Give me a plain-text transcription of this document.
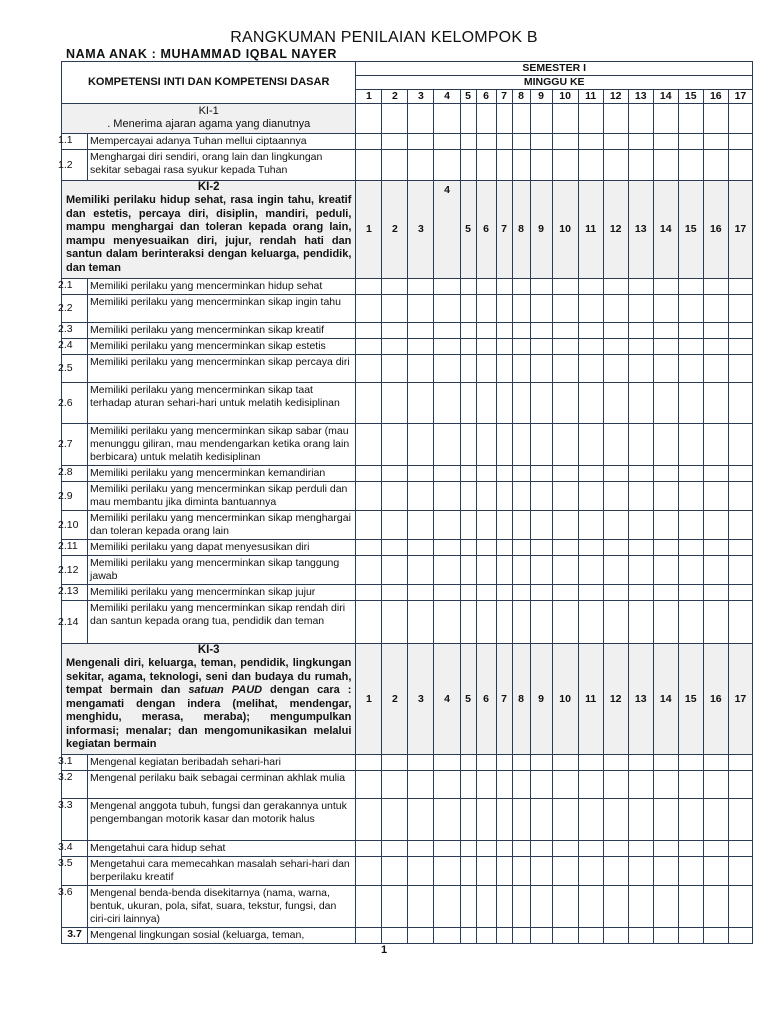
RANGKUMAN PENILAIAN KELOMPOK B
NAMA ANAK : MUHAMMAD IQBAL NAYER
KOMPETENSI INTI DAN KOMPETENSI DASAR		SEMESTER I																
		MINGGU KE																
		1	2	3	4	5	6	7	8	9	10	11	12	13	14	15	16	17

KI-1
. Menerima ajaran agama yang dianutnya																		

1.1	Mempercayai adanya Tuhan mellui ciptaannya																	
1.2	Menghargai diri sendiri, orang lain dan lingkungan sekitar sebagai rasa syukur kepada Tuhan																	

KI-2
Memiliki perilaku hidup sehat, rasa ingin tahu, kreatif dan estetis, percaya diri, disiplin, mandiri, peduli, mampu menghargai dan toleran kepada orang lain, mampu menyesuaikan diri, jujur, rendah hati dan santun dalam berinteraksi dengan keluarga, pendidik, dan teman		1	2	3	4	5	6	7	8	9	10	11	12	13	14	15	16	17
2.1	Memiliki perilaku yang mencerminkan hidup sehat																	
2.2	Memiliki perilaku yang mencerminkan sikap ingin tahu																	
2.3	Memiliki perilaku yang mencerminkan sikap kreatif																	
2.4	Memiliki perilaku yang mencerminkan sikap estetis																	
2.5	Memiliki perilaku yang mencerminkan sikap percaya diri																	
2.6	Memiliki perilaku yang mencerminkan sikap taat terhadap aturan sehari-hari untuk melatih kedisiplinan																	
2.7	Memiliki perilaku yang mencerminkan sikap sabar (mau menunggu giliran, mau mendengarkan ketika orang lain berbicara) untuk melatih kedisiplinan																	
2.8	Memiliki perilaku yang mencerminkan kemandirian																	
2.9	Memiliki perilaku yang mencerminkan sikap perduli dan mau membantu jika diminta bantuannya																	
2.10	Memiliki perilaku yang mencerminkan sikap menghargai dan toleran kepada orang lain																	
2.11	Memiliki perilaku yang dapat menyesusikan diri																	
2.12	Memiliki perilaku yang mencerminkan sikap tanggung jawab																	
2.13	Memiliki perilaku yang mencerminkan sikap jujur																	
2.14	Memiliki perilaku yang mencerminkan sikap rendah diri dan santun kepada orang tua, pendidik dan teman																	

KI-3
Mengenali diri, keluarga, teman, pendidik, lingkungan sekitar, agama, teknologi, seni dan budaya du rumah, tempat bermain dan satuan PAUD dengan cara : mengamati dengan indera (melihat, mendengar, menghidu, merasa, meraba); mengumpulkan informasi; menalar; dan mengomunikasikan melalui kegiatan bermain		1	2	3	4	5	6	7	8	9	10	11	12	13	14	15	16	17
3.1	Mengenal kegiatan beribadah sehari-hari																	
3.2	Mengenal perilaku baik sebagai cerminan akhlak mulia																	
3.3	Mengenal anggota tubuh, fungsi dan gerakannya untuk pengembangan motorik kasar dan motorik halus																	
3.4	Mengetahui cara hidup sehat																	
3.5	Mengetahui cara memecahkan masalah sehari-hari dan berperilaku kreatif																	
3.6	Mengenal benda-benda disekitarnya (nama, warna, bentuk, ukuran, pola, sifat, suara, tekstur, fungsi, dan ciri-ciri lainnya)																	
3.7	Mengenal lingkungan sosial (keluarga, teman,																	
1
